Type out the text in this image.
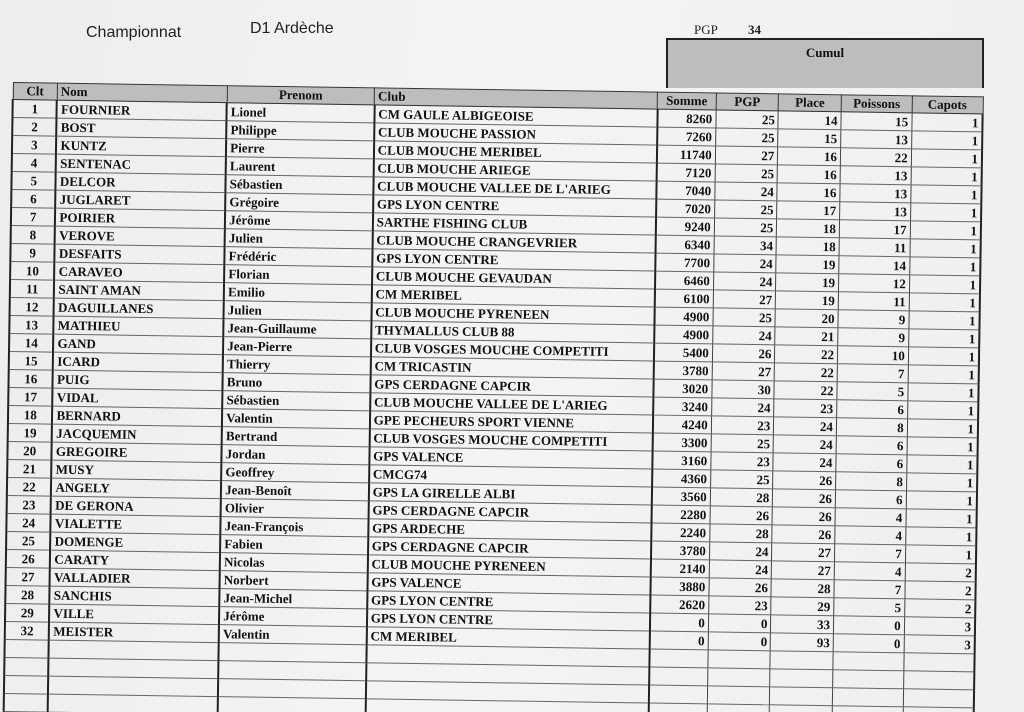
Championnat	D1 Ardèche	PGP 34
Cumul
Clt	Nom	Prenom	Club	Somme	PGP	Place	Poissons	Capots
1	FOURNIER	Lionel	CM GAULE ALBIGEOISE	8260	25	14	15	1
2	BOST	Philippe	CLUB MOUCHE PASSION	7260	25	15	13	1
3	KUNTZ	Pierre	CLUB MOUCHE MERIBEL	11740	27	16	22	1
4	SENTENAC	Laurent	CLUB MOUCHE ARIEGE	7120	25	16	13	1
5	DELCOR	Sébastien	CLUB MOUCHE VALLEE DE L'ARIEG	7040	24	16	13	1
6	JUGLARET	Grégoire	GPS LYON CENTRE	7020	25	17	13	1
7	POIRIER	Jérôme	SARTHE FISHING CLUB	9240	25	18	17	1
8	VEROVE	Julien	CLUB MOUCHE CRANGEVRIER	6340	34	18	11	1
9	DESFAITS	Frédéric	GPS LYON CENTRE	7700	24	19	14	1
10	CARAVEO	Florian	CLUB MOUCHE GEVAUDAN	6460	24	19	12	1
11	SAINT AMAN	Emilio	CM MERIBEL	6100	27	19	11	1
12	DAGUILLANES	Julien	CLUB MOUCHE PYRENEEN	4900	25	20	9	1
13	MATHIEU	Jean-Guillaume	THYMALLUS CLUB 88	4900	24	21	9	1
14	GAND	Jean-Pierre	CLUB VOSGES MOUCHE COMPETITI	5400	26	22	10	1
15	ICARD	Thierry	CM TRICASTIN	3780	27	22	7	1
16	PUIG	Bruno	GPS CERDAGNE CAPCIR	3020	30	22	5	1
17	VIDAL	Sébastien	CLUB MOUCHE VALLEE DE L'ARIEG	3240	24	23	6	1
18	BERNARD	Valentin	GPE PECHEURS SPORT VIENNE	4240	23	24	8	1
19	JACQUEMIN	Bertrand	CLUB VOSGES MOUCHE COMPETITI	3300	25	24	6	1
20	GREGOIRE	Jordan	GPS VALENCE	3160	23	24	6	1
21	MUSY	Geoffrey	CMCG74	4360	25	26	8	1
22	ANGELY	Jean-Benoît	GPS LA GIRELLE ALBI	3560	28	26	6	1
23	DE GERONA	Olivier	GPS CERDAGNE CAPCIR	2280	26	26	4	1
24	VIALETTE	Jean-François	GPS ARDECHE	2240	28	26	4	1
25	DOMENGE	Fabien	GPS CERDAGNE CAPCIR	3780	24	27	7	1
26	CARATY	Nicolas	CLUB MOUCHE PYRENEEN	2140	24	27	4	2
27	VALLADIER	Norbert	GPS VALENCE	3880	26	28	7	2
28	SANCHIS	Jean-Michel	GPS LYON CENTRE	2620	23	29	5	2
29	VILLE	Jérôme	GPS LYON CENTRE	0	0	33	0	3
32	MEISTER	Valentin	CM MERIBEL	0	0	93	0	3
